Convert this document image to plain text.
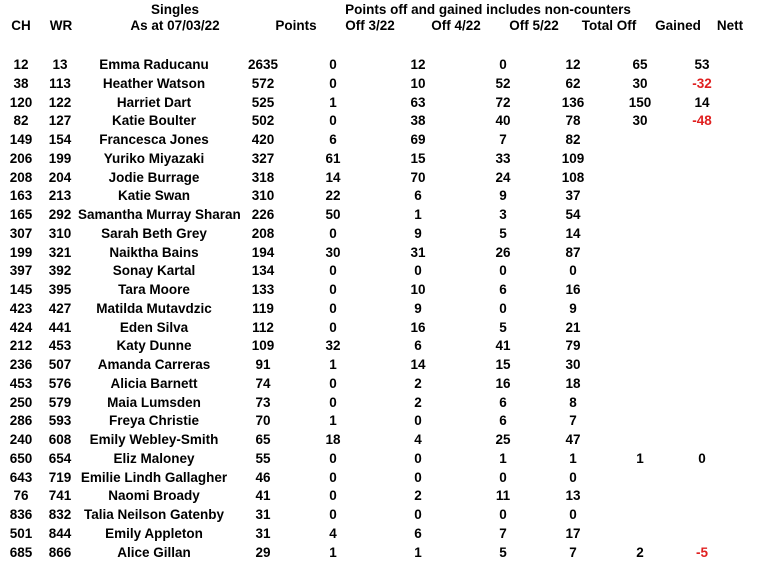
Singles	Points off and gained includes non-counters
CH	WR	As at 07/03/22	Points	Off 3/22	Off 4/22	Off 5/22	Total Off	Gained	Nett
12	13	Emma Raducanu	2635	0	12	0	12	65	53	
38	113	Heather Watson	572	0	10	52	62	30	-32	
120	122	Harriet Dart	525	1	63	72	136	150	14	
82	127	Katie Boulter	502	0	38	40	78	30	-48	
149	154	Francesca Jones	420	6	69	7	82			
206	199	Yuriko Miyazaki	327	61	15	33	109			
208	204	Jodie Burrage	318	14	70	24	108			
163	213	Katie Swan	310	22	6	9	37			
165	292	Samantha Murray Sharan	226	50	1	3	54			
307	310	Sarah Beth Grey	208	0	9	5	14			
199	321	Naiktha Bains	194	30	31	26	87			
397	392	Sonay Kartal	134	0	0	0	0			
145	395	Tara Moore	133	0	10	6	16			
423	427	Matilda Mutavdzic	119	0	9	0	9			
424	441	Eden Silva	112	0	16	5	21			
212	453	Katy Dunne	109	32	6	41	79			
236	507	Amanda Carreras	91	1	14	15	30			
453	576	Alicia Barnett	74	0	2	16	18			
250	579	Maia Lumsden	73	0	2	6	8			
286	593	Freya Christie	70	1	0	6	7			
240	608	Emily Webley-Smith	65	18	4	25	47			
650	654	Eliz Maloney	55	0	0	1	1	1	0	
643	719	Emilie Lindh Gallagher	46	0	0	0	0			
76	741	Naomi Broady	41	0	2	11	13			
836	832	Talia Neilson Gatenby	31	0	0	0	0			
501	844	Emily Appleton	31	4	6	7	17			
685	866	Alice Gillan	29	1	1	5	7	2	-5	
